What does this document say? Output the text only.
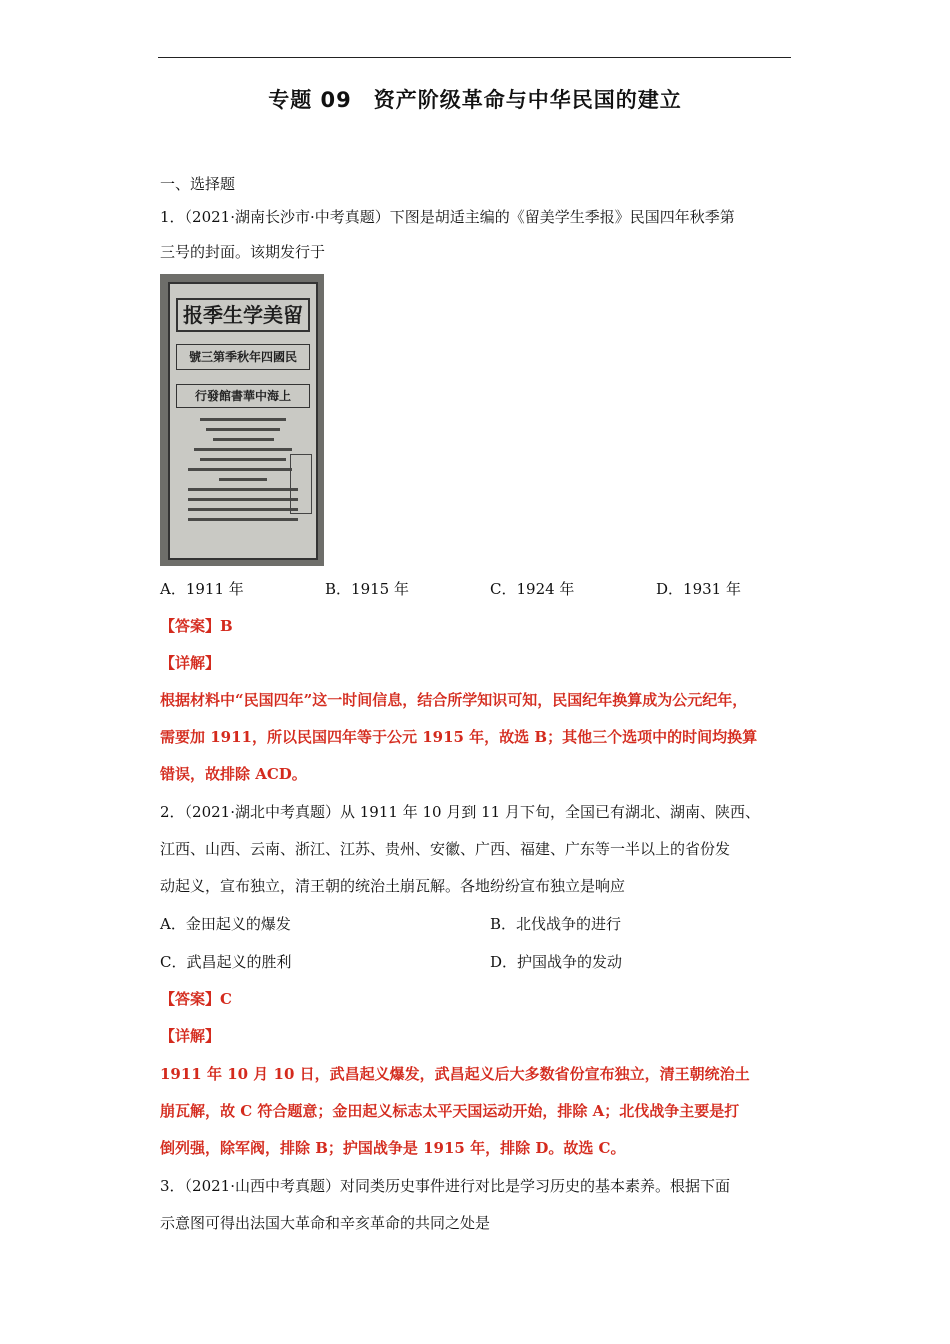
专题 09 资产阶级革命与中华民国的建立
一、选择题
1．（2021·湖南长沙市·中考真题）下图是胡适主编的《留美学生季报》民国四年秋季第
三号的封面。该期发行于
报季生学美留
號三第季秋年四國民
行發館書華中海上
A．1911 年	B．1915 年	C．1924 年	D．1931 年
【答案】B
【详解】
根据材料中“民国四年”这一时间信息，结合所学知识可知，民国纪年换算成为公元纪年，
需要加 1911，所以民国四年等于公元 1915 年，故选 B；其他三个选项中的时间均换算
错误，故排除 ACD。
2．（2021·湖北中考真题）从 1911 年 10 月到 11 月下旬，全国已有湖北、湖南、陕西、
江西、山西、云南、浙江、江苏、贵州、安徽、广西、福建、广东等一半以上的省份发
动起义，宣布独立，清王朝的统治土崩瓦解。各地纷纷宣布独立是响应
A．金田起义的爆发	B．北伐战争的进行
C．武昌起义的胜利	D．护国战争的发动
【答案】C
【详解】
1911 年 10 月 10 日，武昌起义爆发，武昌起义后大多数省份宣布独立，清王朝统治土
崩瓦解，故 C 符合题意；金田起义标志太平天国运动开始，排除 A；北伐战争主要是打
倒列强，除军阀，排除 B；护国战争是 1915 年，排除 D。故选 C。
3．（2021·山西中考真题）对同类历史事件进行对比是学习历史的基本素养。根据下面
示意图可得出法国大革命和辛亥革命的共同之处是
